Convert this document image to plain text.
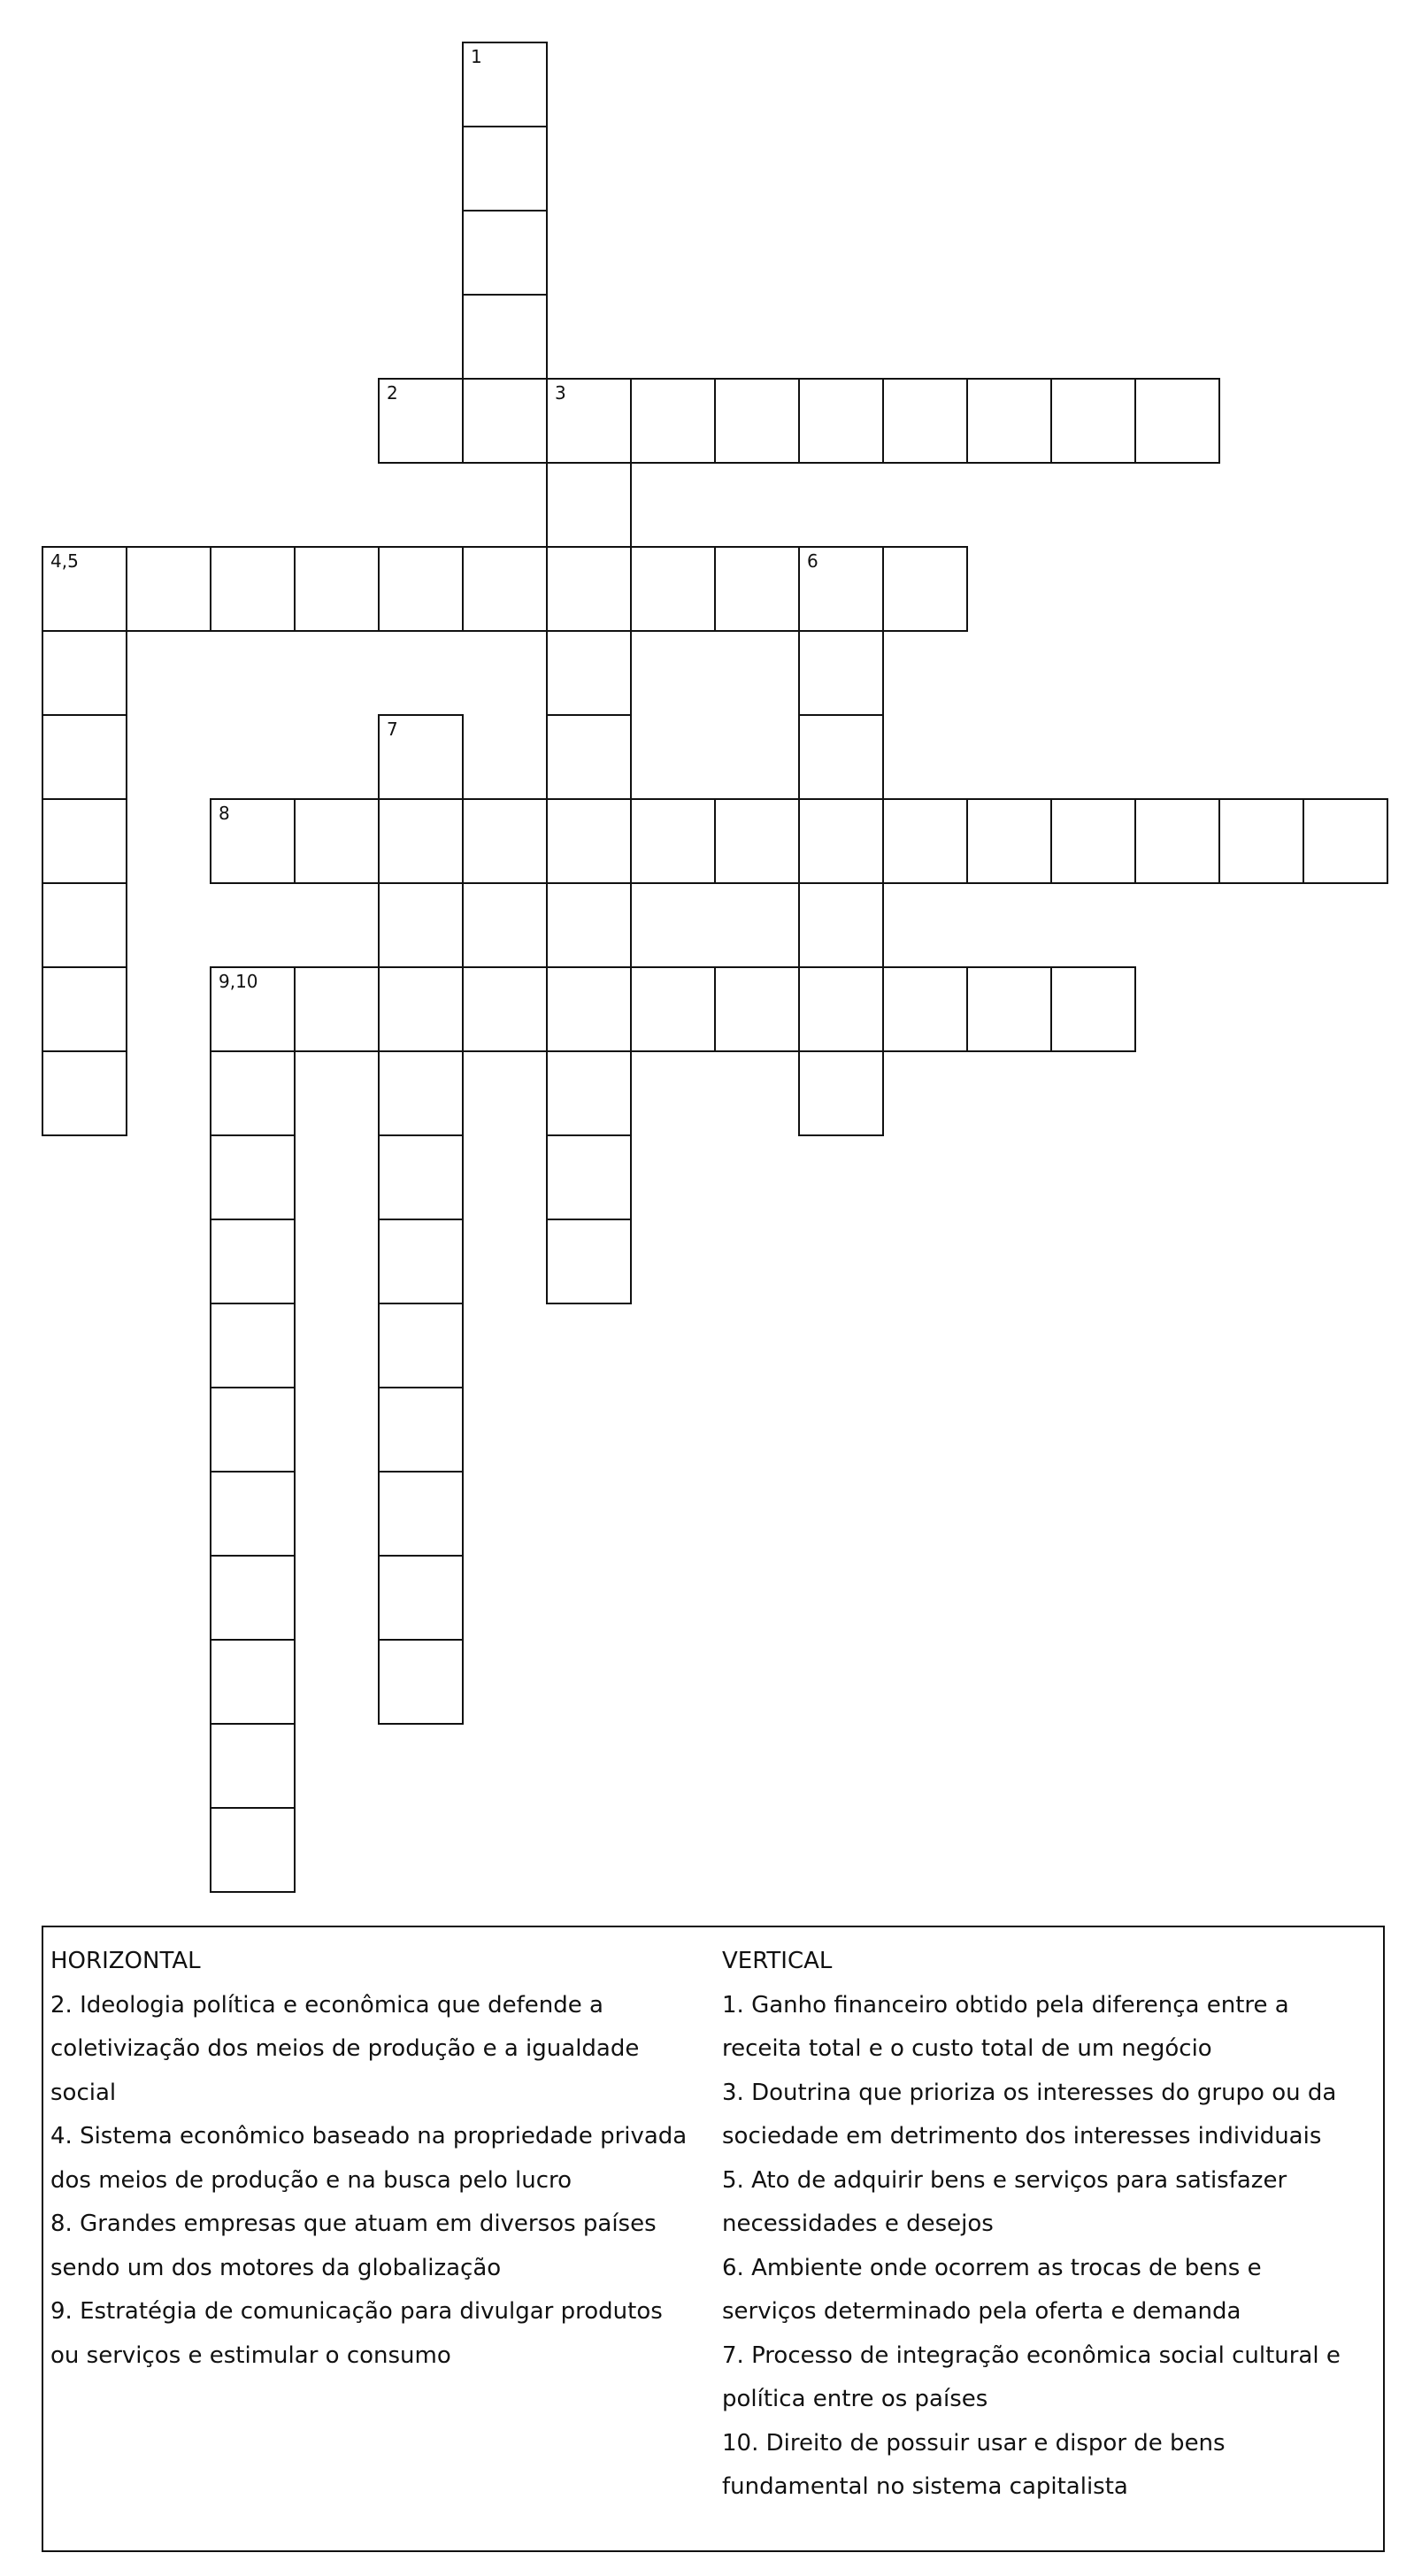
1
2	3
4,5	6
7
8
9,10
HORIZONTAL
2. Ideologia política e econômica que defende a
coletivização dos meios de produção e a igualdade
social
4. Sistema econômico baseado na propriedade privada
dos meios de produção e na busca pelo lucro
8. Grandes empresas que atuam em diversos países
sendo um dos motores da globalização
9. Estratégia de comunicação para divulgar produtos
ou serviços e estimular o consumo
VERTICAL
1. Ganho financeiro obtido pela diferença entre a
receita total e o custo total de um negócio
3. Doutrina que prioriza os interesses do grupo ou da
sociedade em detrimento dos interesses individuais
5. Ato de adquirir bens e serviços para satisfazer
necessidades e desejos
6. Ambiente onde ocorrem as trocas de bens e
serviços determinado pela oferta e demanda
7. Processo de integração econômica social cultural e
política entre os países
10. Direito de possuir usar e dispor de bens
fundamental no sistema capitalista
